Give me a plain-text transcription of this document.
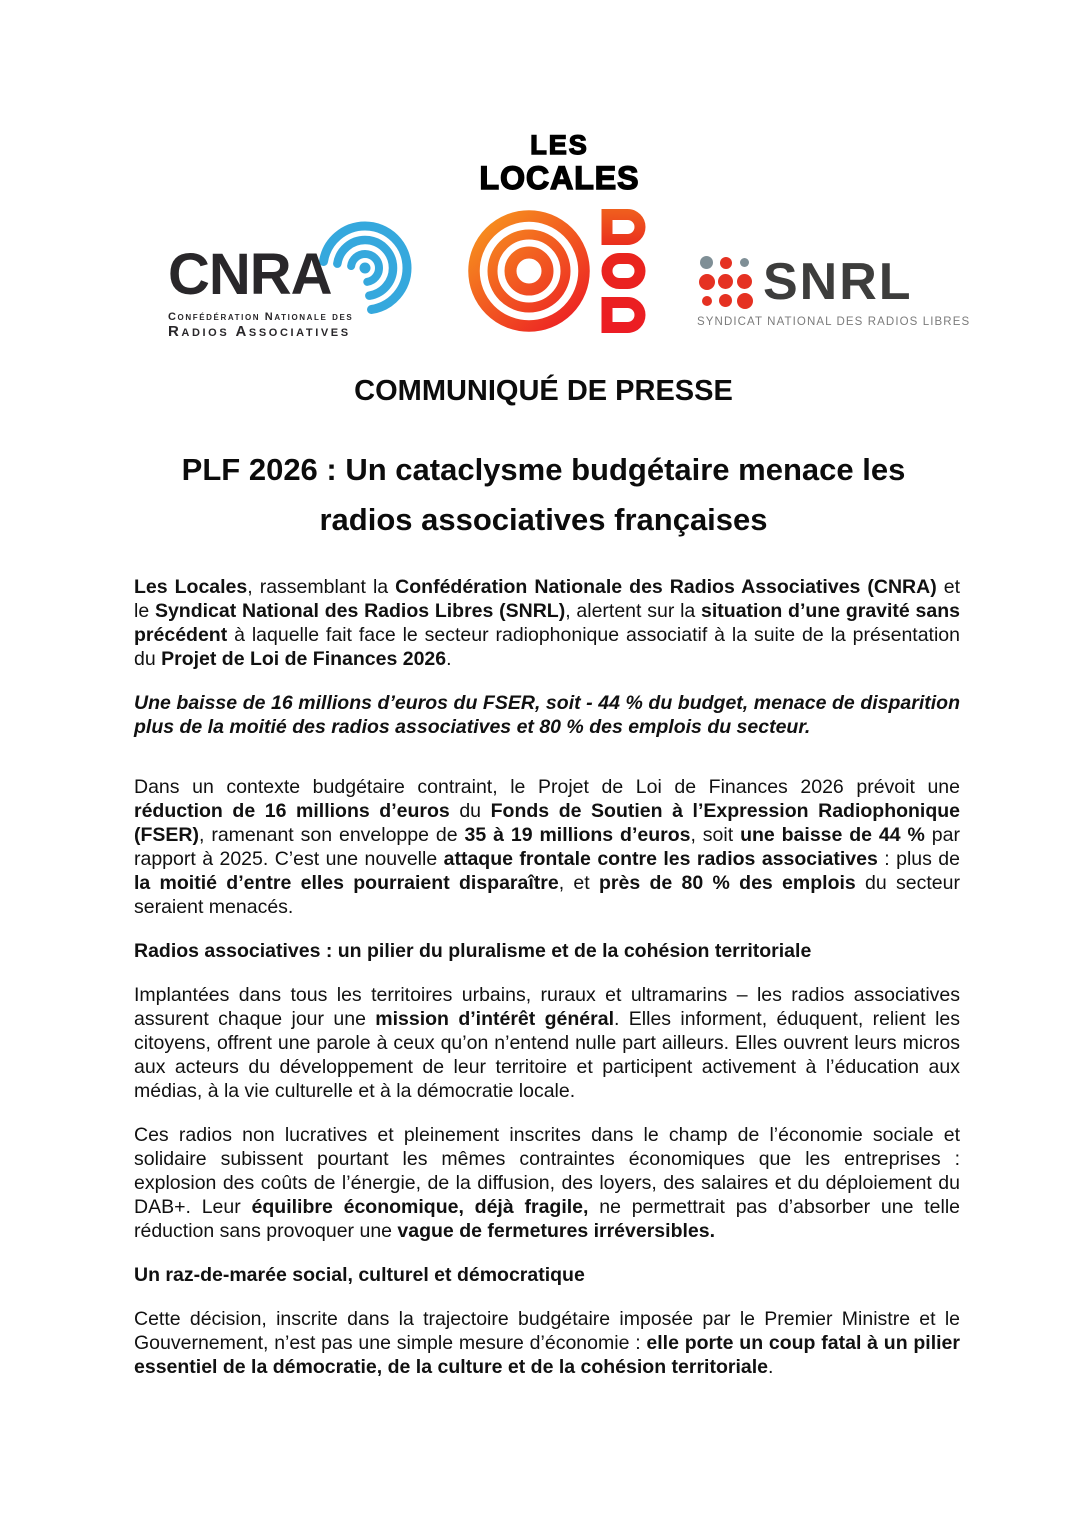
CNRA
Confédération Nationale des
Radios Associatives
LES
LOCALES
SNRL
SYNDICAT NATIONAL DES RADIOS LIBRES
COMMUNIQUÉ DE PRESSE
PLF 2026 : Un cataclysme budgétaire menace les
radios associatives françaises

Les Locales, rassemblant la Confédération Nationale des Radios Associatives (CNRA) et le Syndicat National des Radios Libres (SNRL), alertent sur la situation d’une gravité sans précédent à laquelle fait face le secteur radiophonique associatif à la suite de la présentation du Projet de Loi de Finances 2026.

Une baisse de 16 millions d’euros du FSER, soit - 44 % du budget, menace de disparition plus de la moitié des radios associatives et 80 % des emplois du secteur.

Dans un contexte budgétaire contraint, le Projet de Loi de Finances 2026 prévoit une réduction de 16 millions d’euros du Fonds de Soutien à l’Expression Radiophonique (FSER), ramenant son enveloppe de 35 à 19 millions d’euros, soit une baisse de 44 % par rapport à 2025. C’est une nouvelle attaque frontale contre les radios associatives : plus de la moitié d’entre elles pourraient disparaître, et près de 80 % des emplois du secteur seraient menacés.

Radios associatives : un pilier du pluralisme et de la cohésion territoriale

Implantées dans tous les territoires urbains, ruraux et ultramarins – les radios associatives assurent chaque jour une mission d’intérêt général. Elles informent, éduquent, relient les citoyens, offrent une parole à ceux qu’on n’entend nulle part ailleurs. Elles ouvrent leurs micros aux acteurs du développement de leur territoire et participent activement à l’éducation aux médias, à la vie culturelle et à la démocratie locale.

Ces radios non lucratives et pleinement inscrites dans le champ de l’économie sociale et solidaire subissent pourtant les mêmes contraintes économiques que les entreprises : explosion des coûts de l’énergie, de la diffusion, des loyers, des salaires et du déploiement du DAB+. Leur équilibre économique, déjà fragile, ne permettrait pas d’absorber une telle réduction sans provoquer une vague de fermetures irréversibles.

Un raz-de-marée social, culturel et démocratique

Cette décision, inscrite dans la trajectoire budgétaire imposée par le Premier Ministre et le Gouvernement, n’est pas une simple mesure d’économie : elle porte un coup fatal à un pilier essentiel de la démocratie, de la culture et de la cohésion territoriale.
